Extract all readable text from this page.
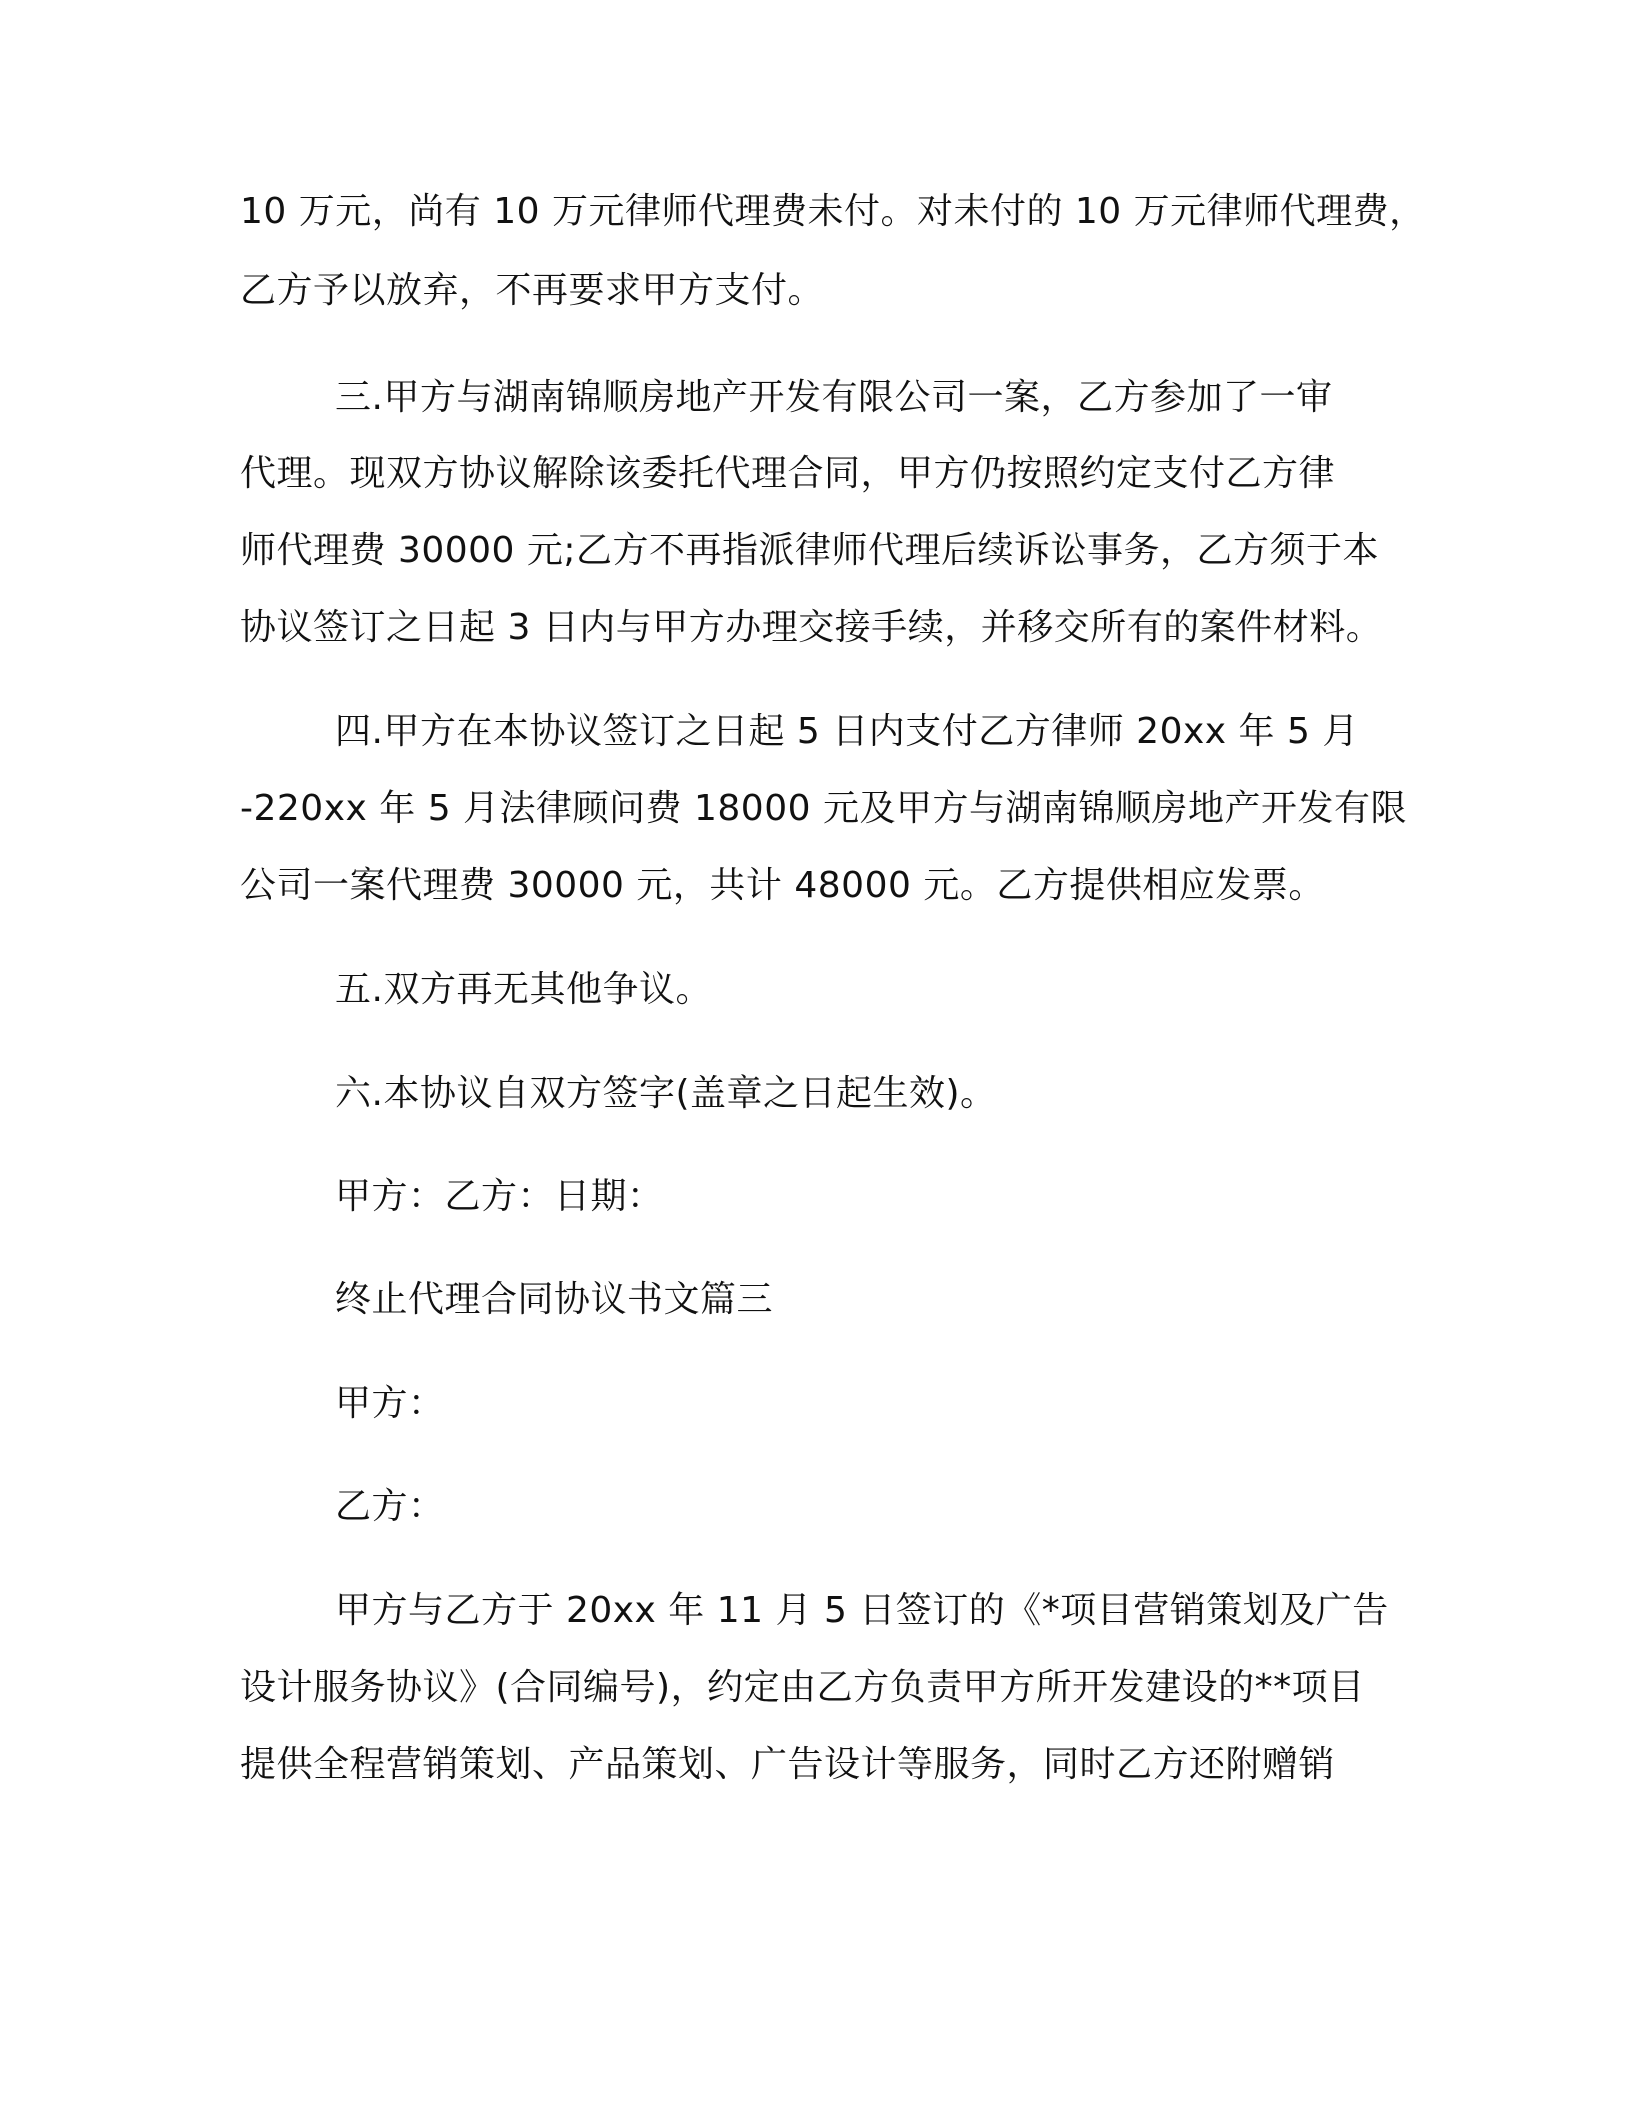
10 万元，尚有 10 万元律师代理费未付。对未付的 10 万元律师代理费，
乙方予以放弃，不再要求甲方支付。
三.甲方与湖南锦顺房地产开发有限公司一案，乙方参加了一审
代理。现双方协议解除该委托代理合同，甲方仍按照约定支付乙方律
师代理费 30000 元;乙方不再指派律师代理后续诉讼事务，乙方须于本
协议签订之日起 3 日内与甲方办理交接手续，并移交所有的案件材料。
四.甲方在本协议签订之日起 5 日内支付乙方律师 20xx 年 5 月
-220xx 年 5 月法律顾问费 18000 元及甲方与湖南锦顺房地产开发有限
公司一案代理费 30000 元，共计 48000 元。乙方提供相应发票。
五.双方再无其他争议。
六.本协议自双方签字(盖章之日起生效)。
甲方：乙方：日期：
终止代理合同协议书文篇三
甲方：
乙方：
甲方与乙方于 20xx 年 11 月 5 日签订的《*项目营销策划及广告
设计服务协议》(合同编号)，约定由乙方负责甲方所开发建设的**项目
提供全程营销策划、产品策划、广告设计等服务，同时乙方还附赠销
